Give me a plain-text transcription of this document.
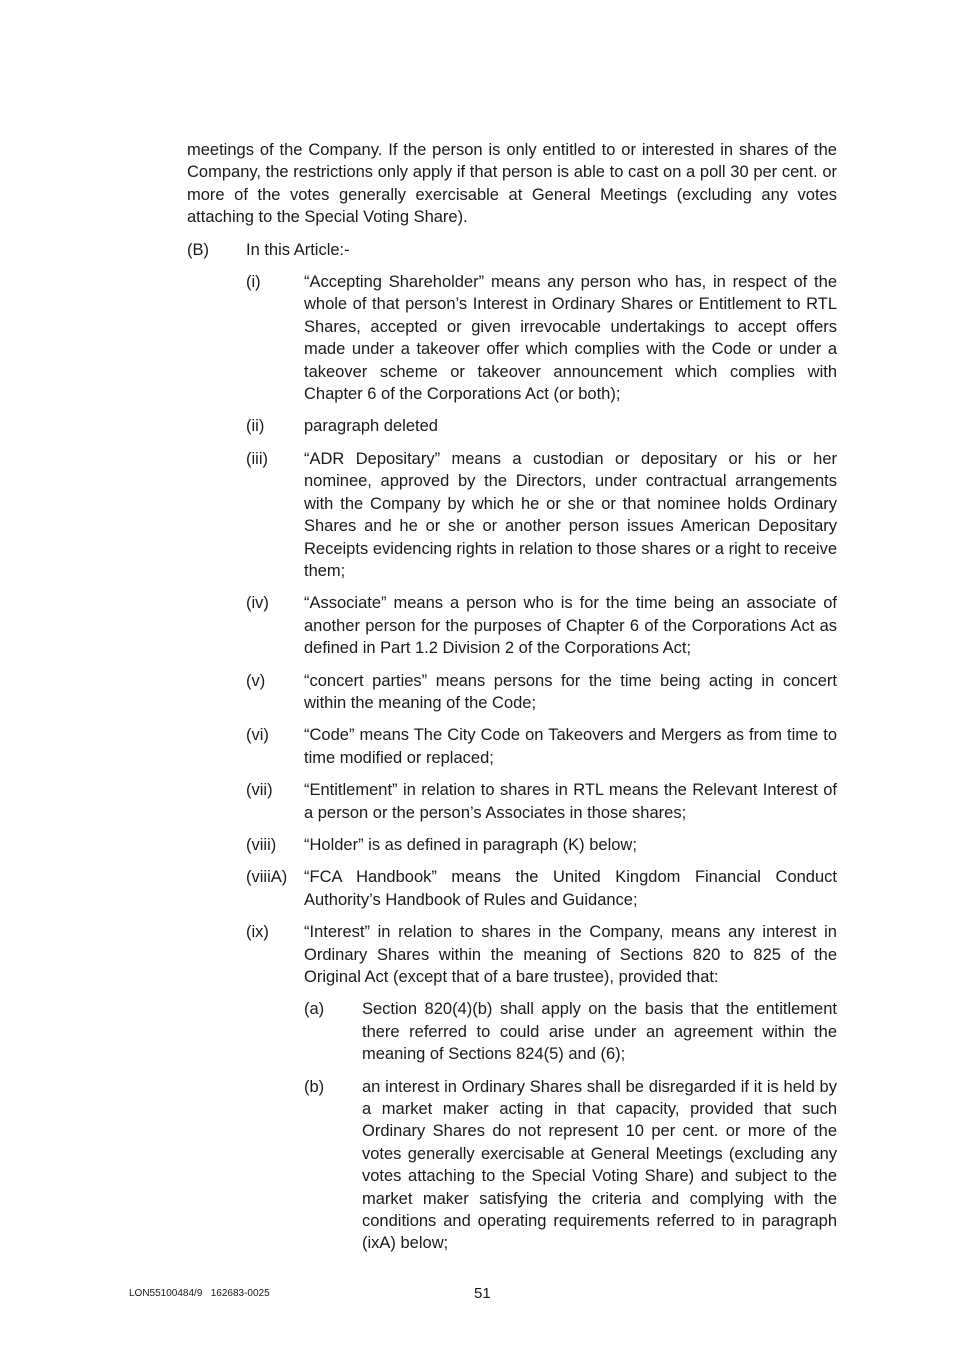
meetings of the Company. If the person is only entitled to or interested in shares of the Company, the restrictions only apply if that person is able to cast on a poll 30 per cent. or more of the votes generally exercisable at General Meetings (excluding any votes attaching to the Special Voting Share).

(B)	In this Article:-
(i)	“Accepting Shareholder” means any person who has, in respect of the whole of that person’s Interest in Ordinary Shares or Entitlement to RTL Shares, accepted or given irrevocable undertakings to accept offers made under a takeover offer which complies with the Code or under a takeover scheme or takeover announcement which complies with Chapter 6 of the Corporations Act (or both);
(ii)	paragraph deleted
(iii)	“ADR Depositary” means a custodian or depositary or his or her nominee, approved by the Directors, under contractual arrangements with the Company by which he or she or that nominee holds Ordinary Shares and he or she or another person issues American Depositary Receipts evidencing rights in relation to those shares or a right to receive them;
(iv)	“Associate” means a person who is for the time being an associate of another person for the purposes of Chapter 6 of the Corporations Act as defined in Part 1.2 Division 2 of the Corporations Act;
(v)	“concert parties” means persons for the time being acting in concert within the meaning of the Code;
(vi)	“Code” means The City Code on Takeovers and Mergers as from time to time modified or replaced;
(vii)	“Entitlement” in relation to shares in RTL means the Relevant Interest of a person or the person’s Associates in those shares;
(viii)	“Holder” is as defined in paragraph (K) below;
(viiiA)	“FCA Handbook” means the United Kingdom Financial Conduct Authority’s Handbook of Rules and Guidance;
(ix)	“Interest” in relation to shares in the Company, means any interest in Ordinary Shares within the meaning of Sections 820 to 825 of the Original Act (except that of a bare trustee), provided that:
(a)	Section 820(4)(b) shall apply on the basis that the entitlement there referred to could arise under an agreement within the meaning of Sections 824(5) and (6);
(b)	an interest in Ordinary Shares shall be disregarded if it is held by a market maker acting in that capacity, provided that such Ordinary Shares do not represent 10 per cent. or more of the votes generally exercisable at General Meetings (excluding any votes attaching to the Special Voting Share) and subject to the market maker satisfying the criteria and complying with the conditions and operating requirements referred to in paragraph (ixA) below;
LON55100484/9   162683-0025	51
